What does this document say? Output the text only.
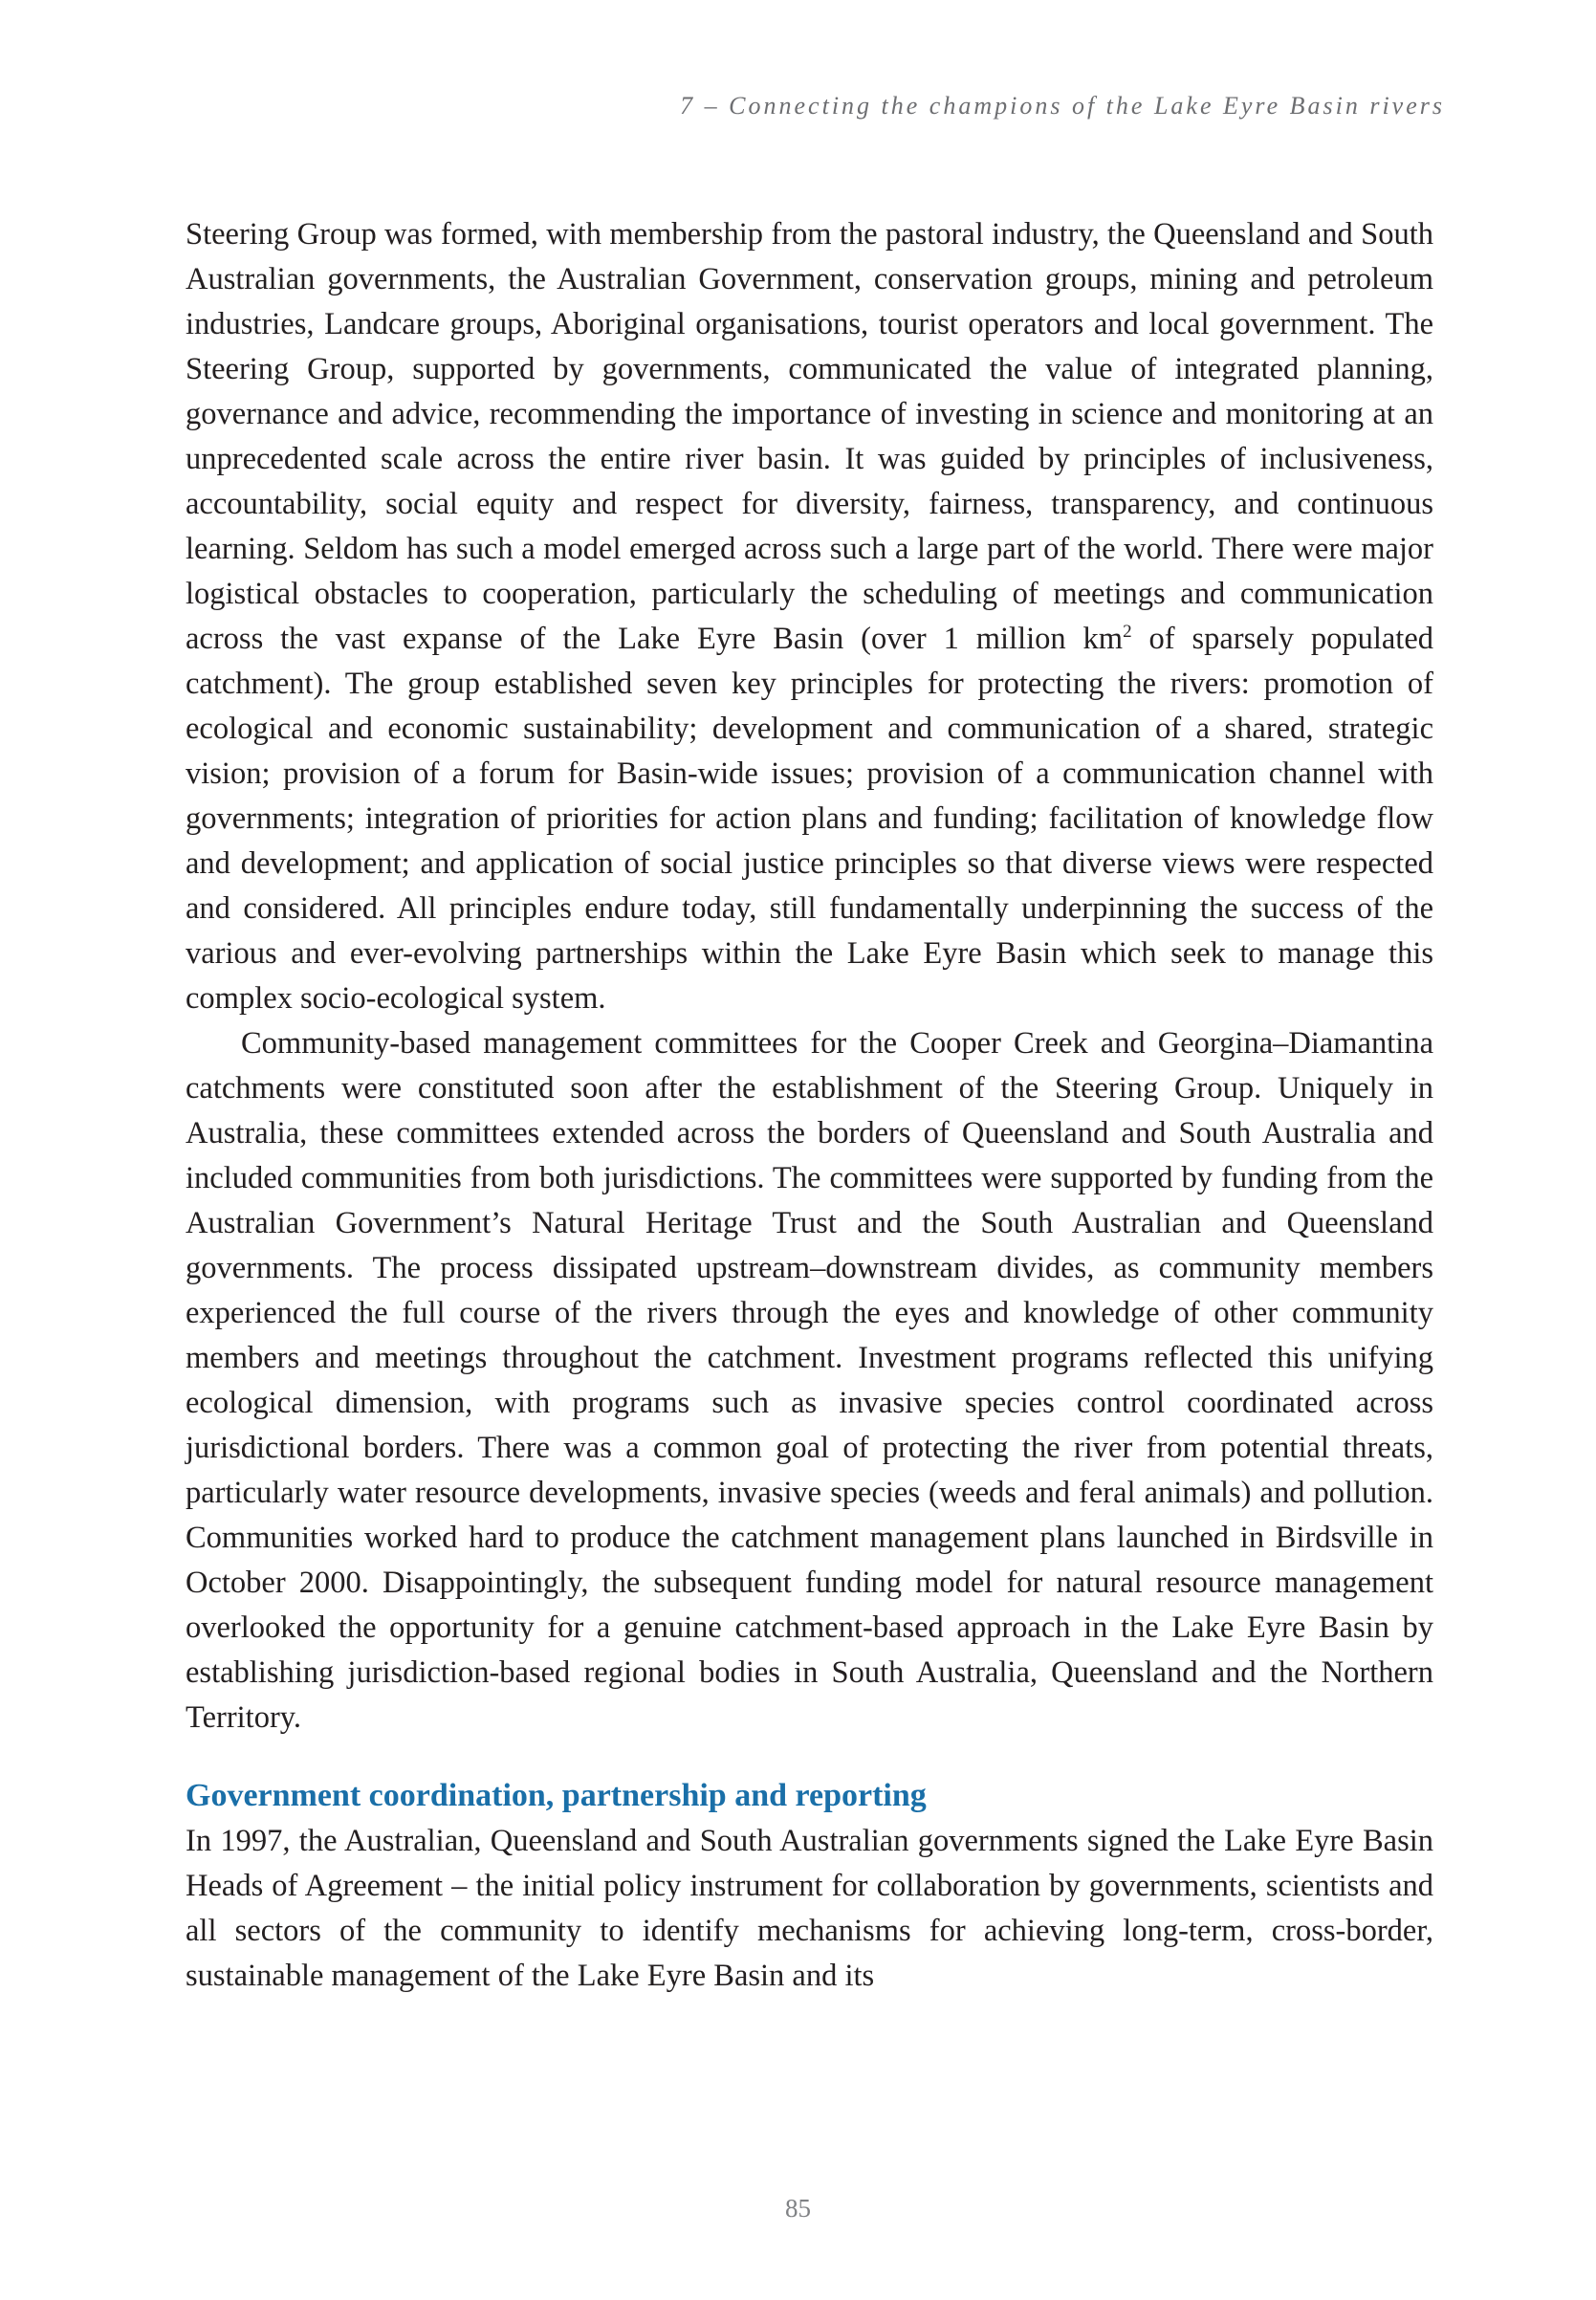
7 – Connecting the champions of the Lake Eyre Basin rivers

Steering Group was formed, with membership from the pastoral industry, the Queensland and South Australian governments, the Australian Government, conservation groups, mining and petroleum industries, Landcare groups, Aboriginal organisations, tourist operators and local government. The Steering Group, supported by governments, communicated the value of integrated planning, governance and advice, recommending the importance of investing in science and monitoring at an unprecedented scale across the entire river basin. It was guided by principles of inclusiveness, accountability, social equity and respect for diversity, fairness, transparency, and continuous learning. Seldom has such a model emerged across such a large part of the world. There were major logistical obstacles to cooperation, particularly the scheduling of meetings and communication across the vast expanse of the Lake Eyre Basin (over 1 million $km^2$ of sparsely populated catchment). The group established seven key principles for protecting the rivers: promotion of ecological and economic sustainability; development and communication of a shared, strategic vision; provision of a forum for Basin-wide issues; provision of a communication channel with governments; integration of priorities for action plans and funding; facilitation of knowledge flow and development; and application of social justice principles so that diverse views were respected and considered. All principles endure today, still fundamentally underpinning the success of the various and ever-evolving partnerships within the Lake Eyre Basin which seek to manage this complex socio-ecological system.

Community-based management committees for the Cooper Creek and Georgina–Diamantina catchments were constituted soon after the establishment of the Steering Group. Uniquely in Australia, these committees extended across the borders of Queensland and South Australia and included communities from both jurisdictions. The committees were supported by funding from the Australian Government’s Natural Heritage Trust and the South Australian and Queensland governments. The process dissipated upstream–downstream divides, as community members experienced the full course of the rivers through the eyes and knowledge of other community members and meetings throughout the catchment. Investment programs reflected this unifying ecological dimension, with programs such as invasive species control coordinated across jurisdictional borders. There was a common goal of protecting the river from potential threats, particularly water resource developments, invasive species (weeds and feral animals) and pollution. Communities worked hard to produce the catchment management plans launched in Birdsville in October 2000. Disappointingly, the subsequent funding model for natural resource management overlooked the opportunity for a genuine catchment-based approach in the Lake Eyre Basin by establishing jurisdiction-based regional bodies in South Australia, Queensland and the Northern Territory.

Government coordination, partnership and reporting

In 1997, the Australian, Queensland and South Australian governments signed the Lake Eyre Basin Heads of Agreement – the initial policy instrument for collaboration by governments, scientists and all sectors of the community to identify mechanisms for achieving long-term, cross-border, sustainable management of the Lake Eyre Basin and its

85
